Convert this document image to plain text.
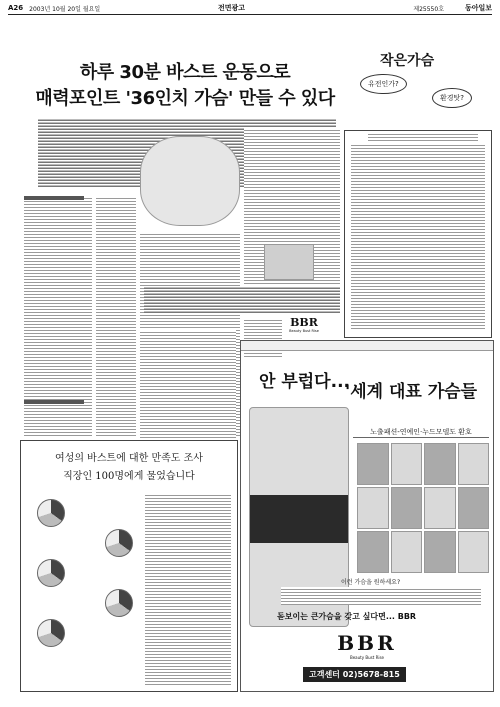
A26 2003년 10월 20일 월요일	전면광고	제25550호	동아일보
하루 30분 바스트 운동으로
매력포인트 '36인치 가슴' 만들 수 있다
작은가슴
유전인가?
환경탓?
BBR
Beauty Bust Rise
여성의 바스트에 대한 만족도 조사
직장인 100명에게 물었습니다
안 부럽다...
'세계 대표 가슴들
노출패션-연예인·누드모델도 환호
이런 가슴을 원하세요?
돋보이는 큰가슴을 갖고 싶다면... BBR
BBR
Beauty Bust Rise
고객센터 02)5678-815
